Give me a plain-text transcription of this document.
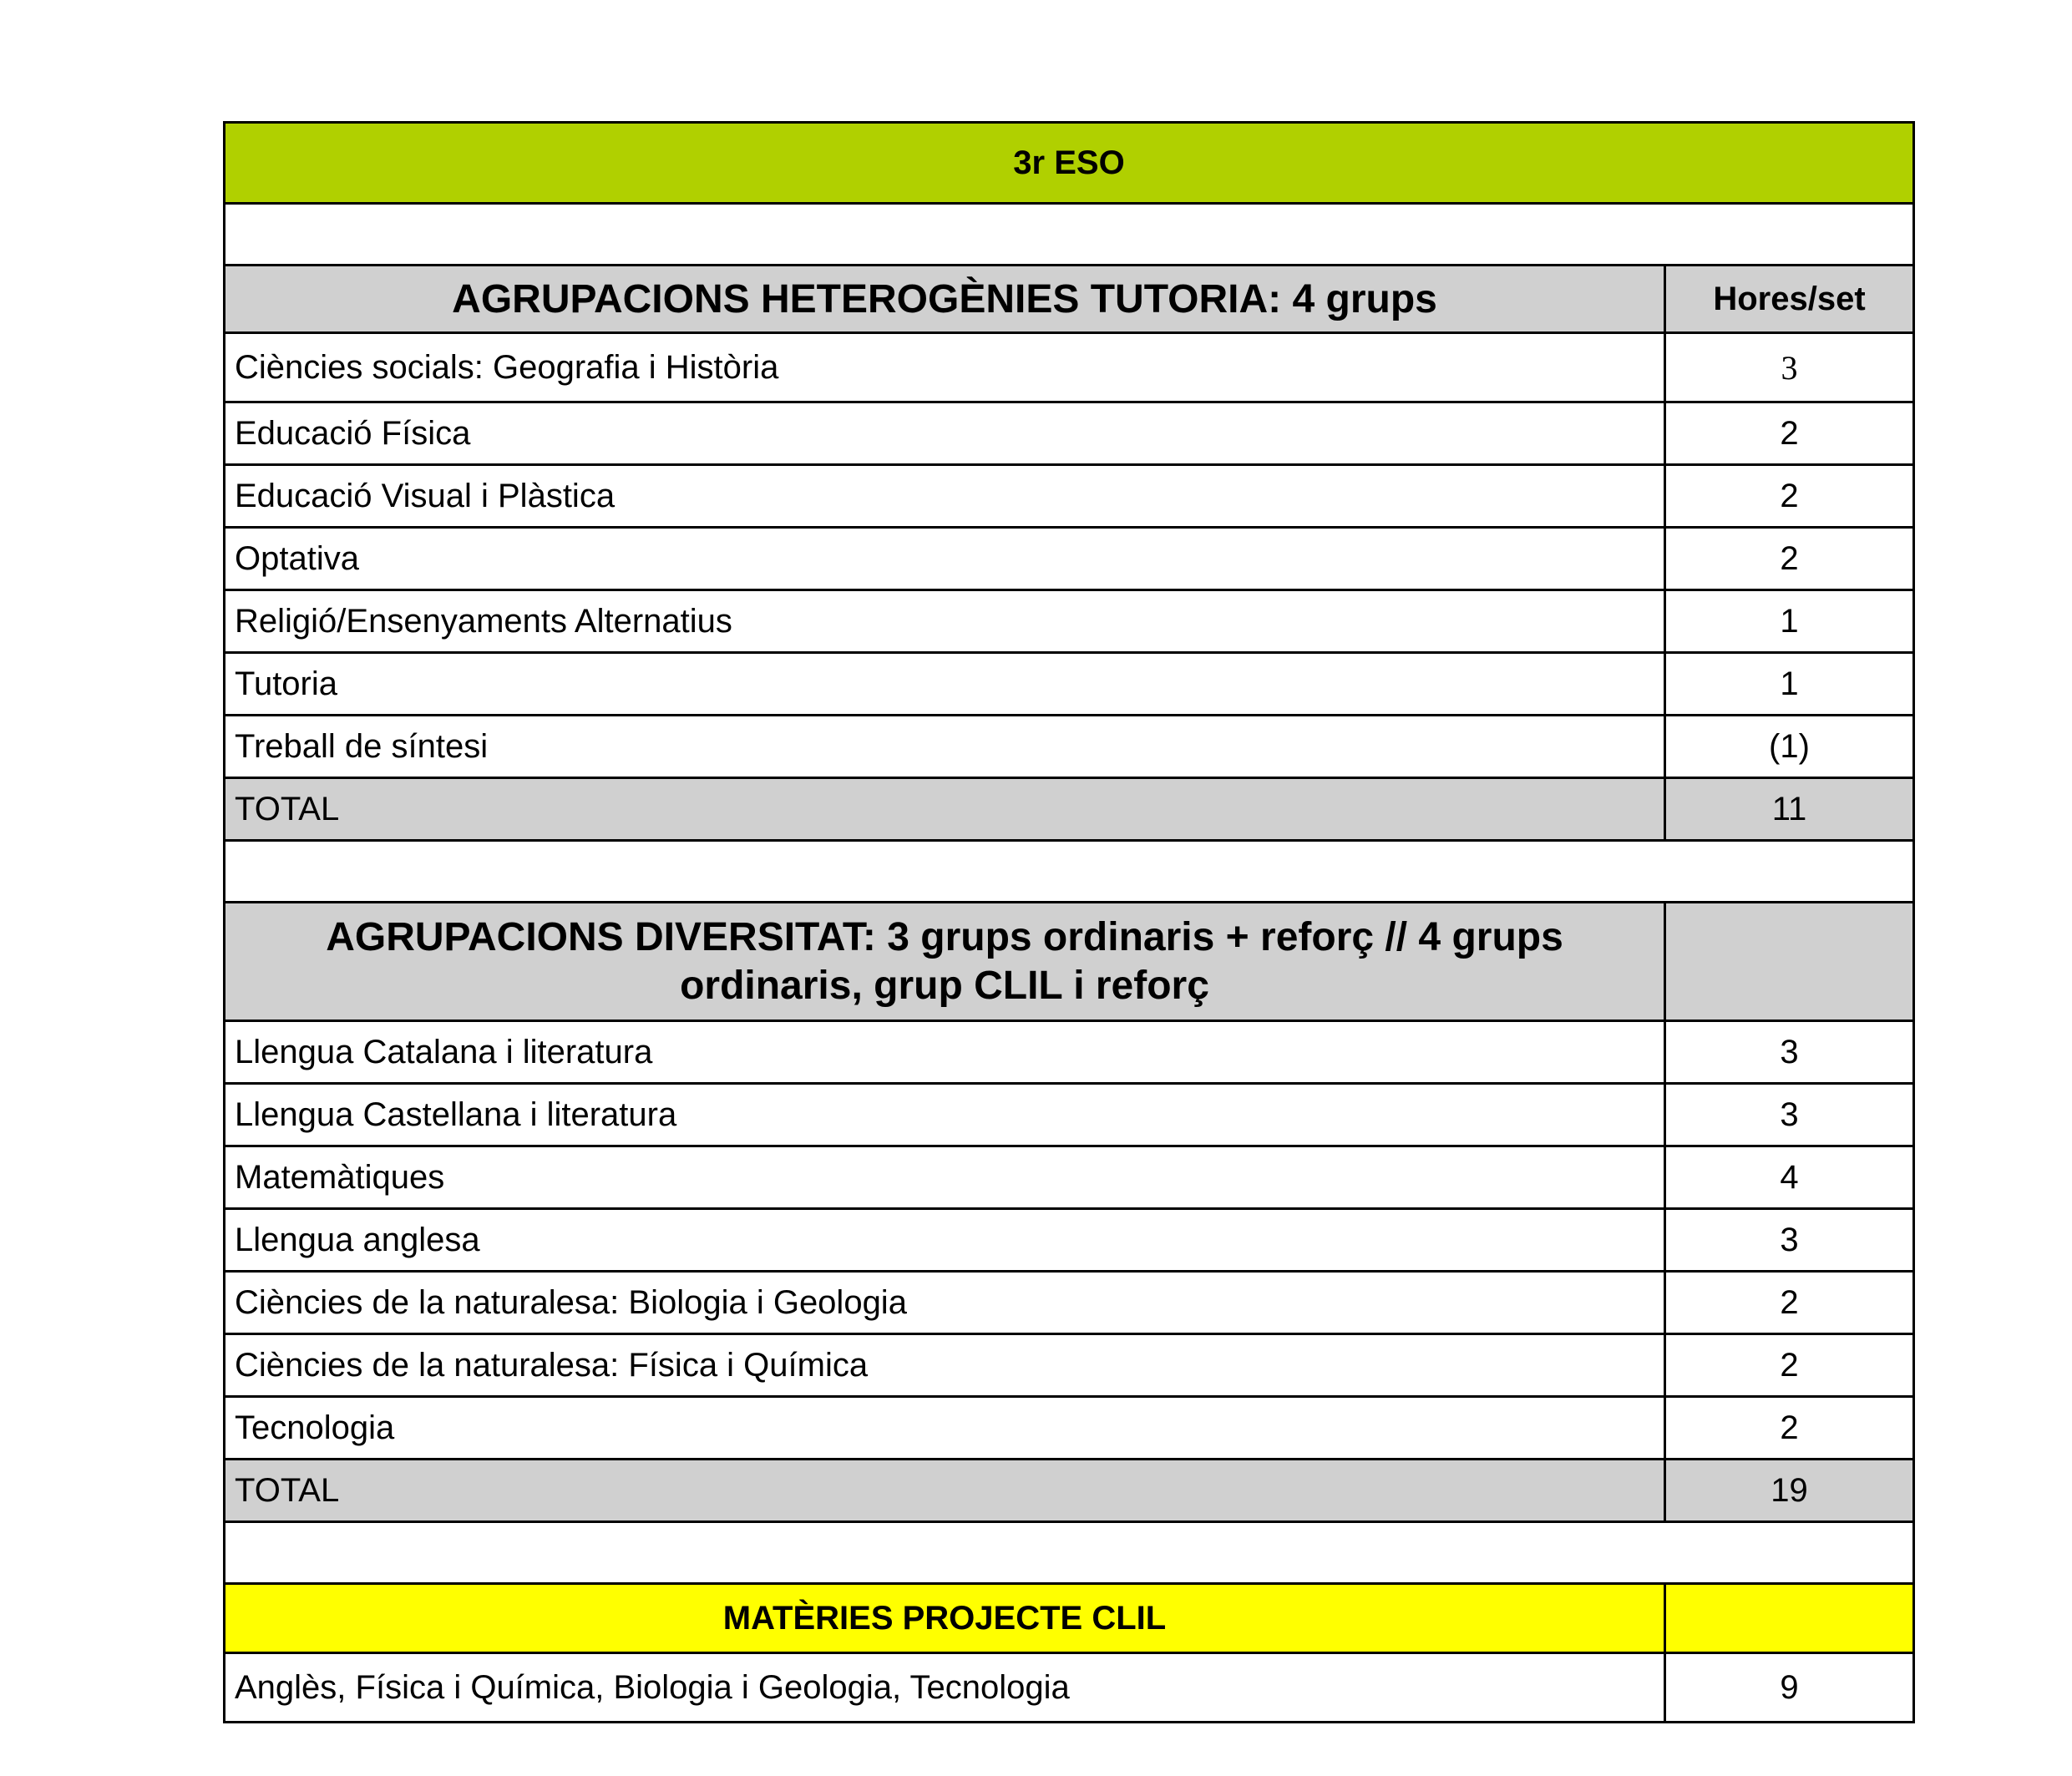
3r ESO	

AGRUPACIONS HETEROGÈNIES TUTORIA: 4 grups	Hores/set
Ciències socials: Geografia i Història	3
Educació Física	2
Educació Visual i Plàstica	2
Optativa	2
Religió/Ensenyaments Alternatius	1
Tutoria	1
Treball de síntesi	(1)
TOTAL	11

AGRUPACIONS DIVERSITAT: 3 grups ordinaris + reforç // 4 grups ordinaris, grup CLIL i reforç	
Llengua Catalana i literatura	3
Llengua Castellana i literatura	3
Matemàtiques	4
Llengua anglesa	3
Ciències de la naturalesa: Biologia i Geologia	2
Ciències de la naturalesa: Física i Química	2
Tecnologia	2
TOTAL	19

MATÈRIES PROJECTE CLIL	
Anglès, Física i Química, Biologia i Geologia, Tecnologia	9
